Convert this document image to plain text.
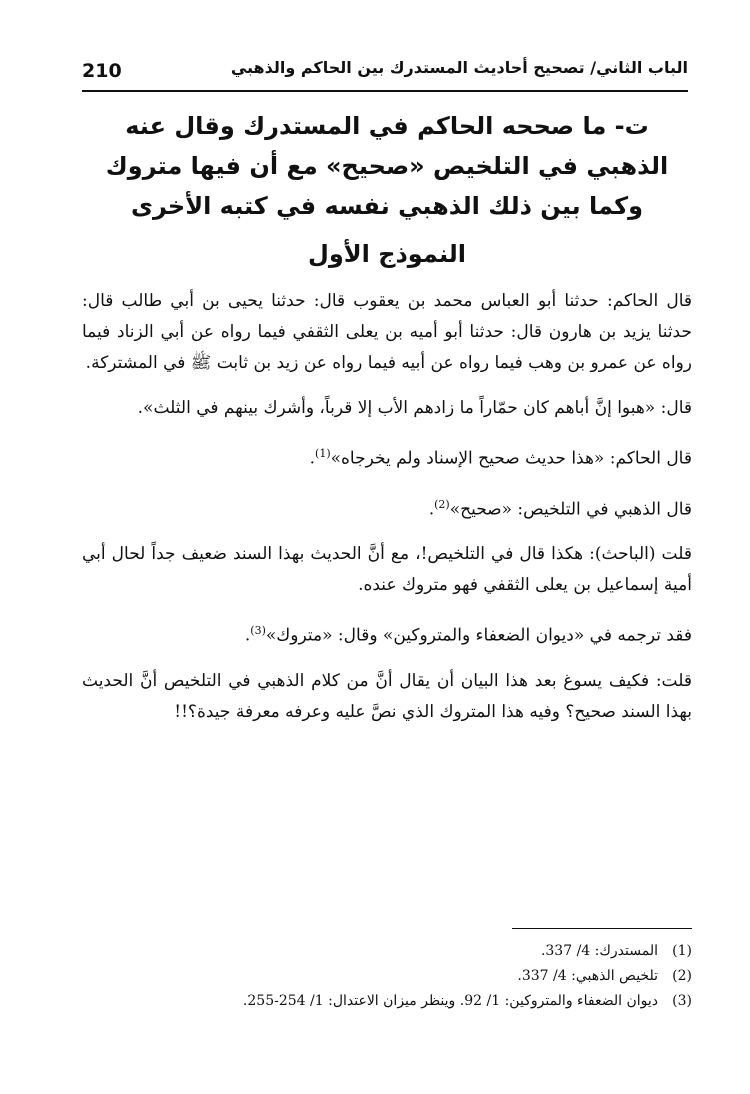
210	الباب الثاني/ تصحيح أحاديث المستدرك بين الحاكم والذهبي
ت- ما صححه الحاكم في المستدرك وقال عنه الذهبي في التلخيص «صحيح» مع أن فيها متروك وكما بين ذلك الذهبي نفسه في كتبه الأخرى
النموذج الأول

قال الحاكم: حدثنا أبو العباس محمد بن يعقوب قال: حدثنا يحيى بن أبي طالب قال: حدثنا يزيد بن هارون قال: حدثنا أبو أميه بن يعلى الثقفي فيما رواه عن أبي الزناد فيما رواه عن عمرو بن وهب فيما رواه عن أبيه فيما رواه عن زيد بن ثابت ﷺ في المشتركة.

قال: «هبوا إنَّ أباهم كان حمّاراً ما زادهم الأب إلا قرباً، وأشرك بينهم في الثلث».

قال الحاكم: «هذا حديث صحيح الإسناد ولم يخرجاه»$^{(1)}$.

قال الذهبي في التلخيص: «صحيح»$^{(2)}$.

قلت (الباحث): هكذا قال في التلخيص!، مع أنَّ الحديث بهذا السند ضعيف جداً لحال أبي أمية إسماعيل بن يعلى الثقفي فهو متروك عنده.

فقد ترجمه في «ديوان الضعفاء والمتروكين» وقال: «متروك»$^{(3)}$.

قلت: فكيف يسوغ بعد هذا البيان أن يقال أنَّ من كلام الذهبي في التلخيص أنَّ الحديث بهذا السند صحيح؟ وفيه هذا المتروك الذي نصَّ عليه وعرفه معرفة جيدة؟!!

(1)المستدرك: 4/ 337.

(2)تلخيص الذهبي: 4/ 337.

(3)ديوان الضعفاء والمتروكين: 1/ 92. وينظر ميزان الاعتدال: 1/ 254-255.
